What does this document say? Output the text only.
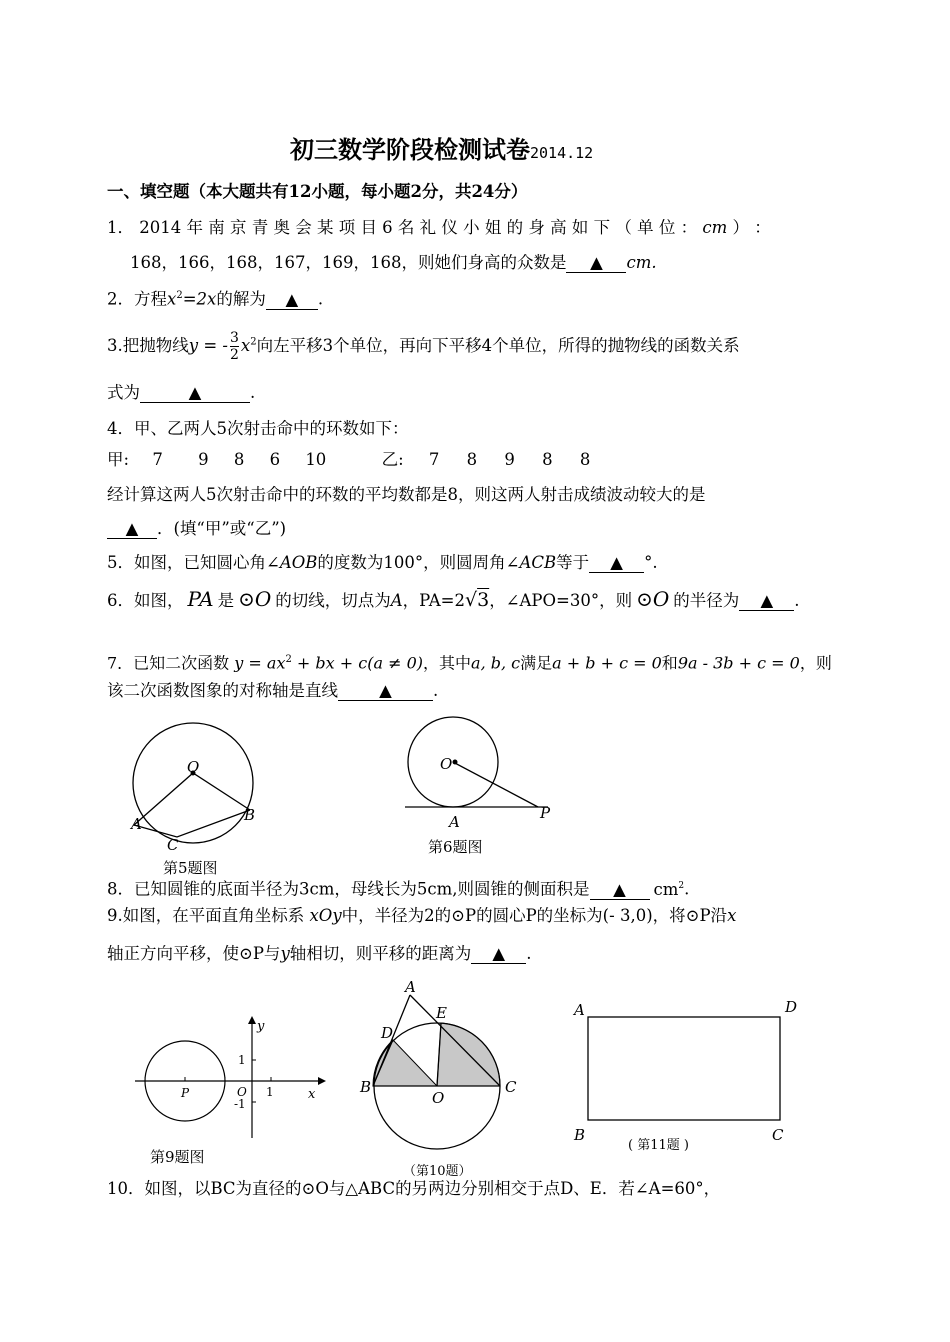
初三数学阶段检测试卷2014.12
一、填空题（本大题共有12小题，每小题2分，共24分）
1． 2014 年 南 京 青 奥 会 某 项 目 6 名 礼 仪 小 姐 的 身 高 如 下 （ 单 位 ： cm ） ：
168，166，168，167，169，168，则她们身高的众数是 ▲ cm.
2．方程$x^2=2x$的解为 ▲ .
3.把抛物线y = - $\frac{3}{2} x^2$向左平移3个单位，再向下平移4个单位，所得的抛物线的函数关系
式为	▲	.
4．甲、乙两人5次射击命中的环数如下：
甲: 7 9 8 6 10	乙: 7 8 9 8 8
经计算这两人5次射击命中的环数的平均数都是8，则这两人射击成绩波动较大的是
▲ ．(填“甲”或“乙”)
5．如图，已知圆心角∠AOB的度数为100°，则圆周角∠ACB等于 ▲ °.
6．如图， PA 是 ⊙O 的切线，切点为A，PA=2√3，∠APO=30°，则 ⊙O 的半径为 ▲ .
7．已知二次函数 $y = ax^2$ + bx + c(a ≠ 0)，其中a, b, c满足a + b + c = 0和9a - 3b + c = 0，则
该二次函数图象的对称轴是直线 ▲ .
O
A	B
C
第5题图
O
A	P
第6题图
8．已知圆锥的底面半径为3cm，母线长为5cm,则圆锥的侧面积是 ▲ $cm^2$.
9.如图，在平面直角坐标系 xOy中，半径为2的⊙P的圆心P的坐标为(- 3,0)，将⊙P沿x
轴正方向平移，使⊙P与y轴相切，则平移的距离为 ▲ .
y
x
1
-1
1
O
P
第9题图
A
D
E
B
O
C
（第10题）
A	D
B	C
( 第11题 )
10．如图，以BC为直径的⊙O与△ABC的另两边分别相交于点D、E．若∠A=60°，
